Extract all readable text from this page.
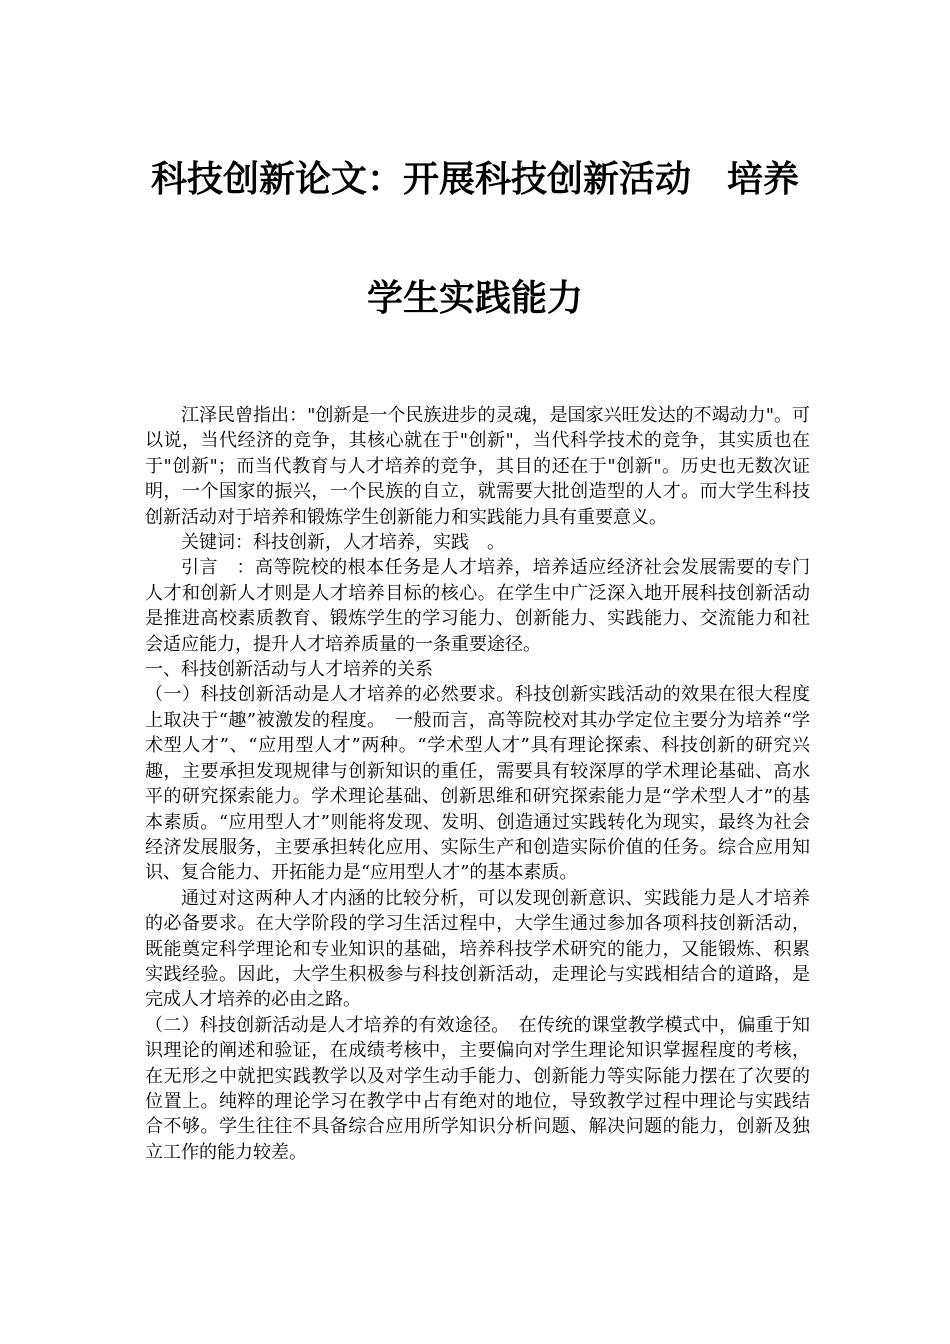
科技创新论文：开展科技创新活动　培养
学生实践能力

江泽民曾指出："创新是一个民族进步的灵魂，是国家兴旺发达的不竭动力"。可以说，当代经济的竞争，其核心就在于"创新"，当代科学技术的竞争，其实质也在于"创新"；而当代教育与人才培养的竞争，其目的还在于"创新"。历史也无数次证明，一个国家的振兴，一个民族的自立，就需要大批创造型的人才。而大学生科技创新活动对于培养和锻炼学生创新能力和实践能力具有重要意义。

关键词：科技创新，人才培养，实践　。

引言　：高等院校的根本任务是人才培养，培养适应经济社会发展需要的专门人才和创新人才则是人才培养目标的核心。在学生中广泛深入地开展科技创新活动是推进高校素质教育、锻炼学生的学习能力、创新能力、实践能力、交流能力和社会适应能力，提升人才培养质量的一条重要途径。

一、科技创新活动与人才培养的关系

（一）科技创新活动是人才培养的必然要求。科技创新实践活动的效果在很大程度上取决于“趣”被激发的程度。　一般而言，高等院校对其办学定位主要分为培养“学术型人才”、“应用型人才”两种。“学术型人才”具有理论探索、科技创新的研究兴趣，主要承担发现规律与创新知识的重任，需要具有较深厚的学术理论基础、高水平的研究探索能力。学术理论基础、创新思维和研究探索能力是“学术型人才”的基本素质。“应用型人才”则能将发现、发明、创造通过实践转化为现实，最终为社会经济发展服务，主要承担转化应用、实际生产和创造实际价值的任务。综合应用知识、复合能力、开拓能力是“应用型人才”的基本素质。

通过对这两种人才内涵的比较分析，可以发现创新意识、实践能力是人才培养的必备要求。在大学阶段的学习生活过程中，大学生通过参加各项科技创新活动，既能奠定科学理论和专业知识的基础，培养科技学术研究的能力，又能锻炼、积累实践经验。因此，大学生积极参与科技创新活动，走理论与实践相结合的道路，是完成人才培养的必由之路。

（二）科技创新活动是人才培养的有效途径。　在传统的课堂教学模式中，偏重于知识理论的阐述和验证，在成绩考核中，主要偏向对学生理论知识掌握程度的考核，在无形之中就把实践教学以及对学生动手能力、创新能力等实际能力摆在了次要的位置上。纯粹的理论学习在教学中占有绝对的地位，导致教学过程中理论与实践结合不够。学生往往不具备综合应用所学知识分析问题、解决问题的能力，创新及独立工作的能力较差。
